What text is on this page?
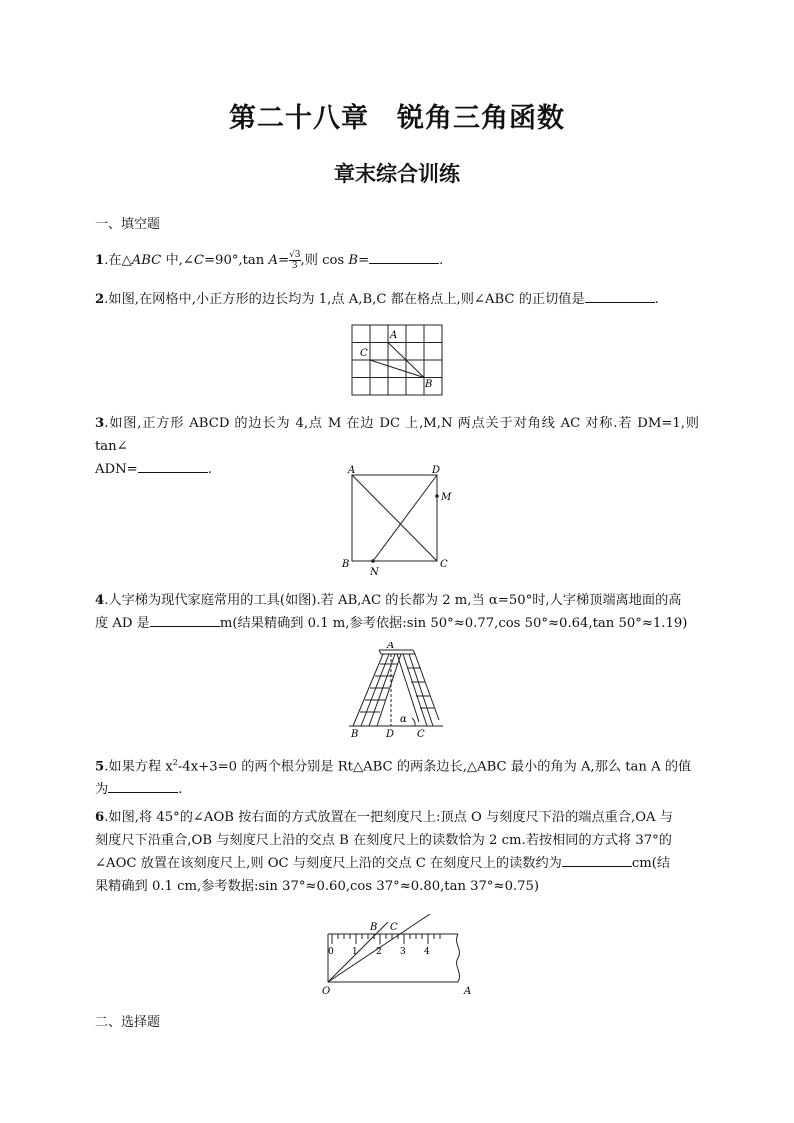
第二十八章　锐角三角函数
章末综合训练
一、填空题
1.在△ABC 中,∠C=90°,tan $A= \frac{√3}{3}$ ,则 cos B=	.
2.如图,在网格中,小正方形的边长均为 1,点 A,B,C 都在格点上,则∠ABC 的正切值是	.
A
B
C
3.如图,正方形 ABCD 的边长为 4,点 M 在边 DC 上,M,N 两点关于对角线 AC 对称.若 DM=1,则 tan∠
ADN=	.	A	D
M
B	C
N
4.人字梯为现代家庭常用的工具(如图).若 AB,AC 的长都为 2 m,当 α=50°时,人字梯顶端离地面的高
度 AD 是	m(结果精确到 0.1 m,参考依据:sin 50°≈0.77,cos 50°≈0.64,tan 50°≈1.19)
A
B	D C
α
5.如果方程 $x^2-4x+3=0$ 的两个根分别是 Rt△ABC 的两条边长,△ABC 最小的角为 A,那么 tan A 的值
为	.
6.如图,将 45°的∠AOB 按右面的方式放置在一把刻度尺上:顶点 O 与刻度尺下沿的端点重合,OA 与
刻度尺下沿重合,OB 与刻度尺上沿的交点 B 在刻度尺上的读数恰为 2 cm.若按相同的方式将 37°的
∠AOC 放置在该刻度尺上,则 OC 与刻度尺上沿的交点 C 在刻度尺上的读数约为	cm(结
果精确到 0.1 cm,参考数据:sin 37°≈0.60,cos 37°≈0.80,tan 37°≈0.75)
0 1 2 3 4
B C
O	A
二、选择题
